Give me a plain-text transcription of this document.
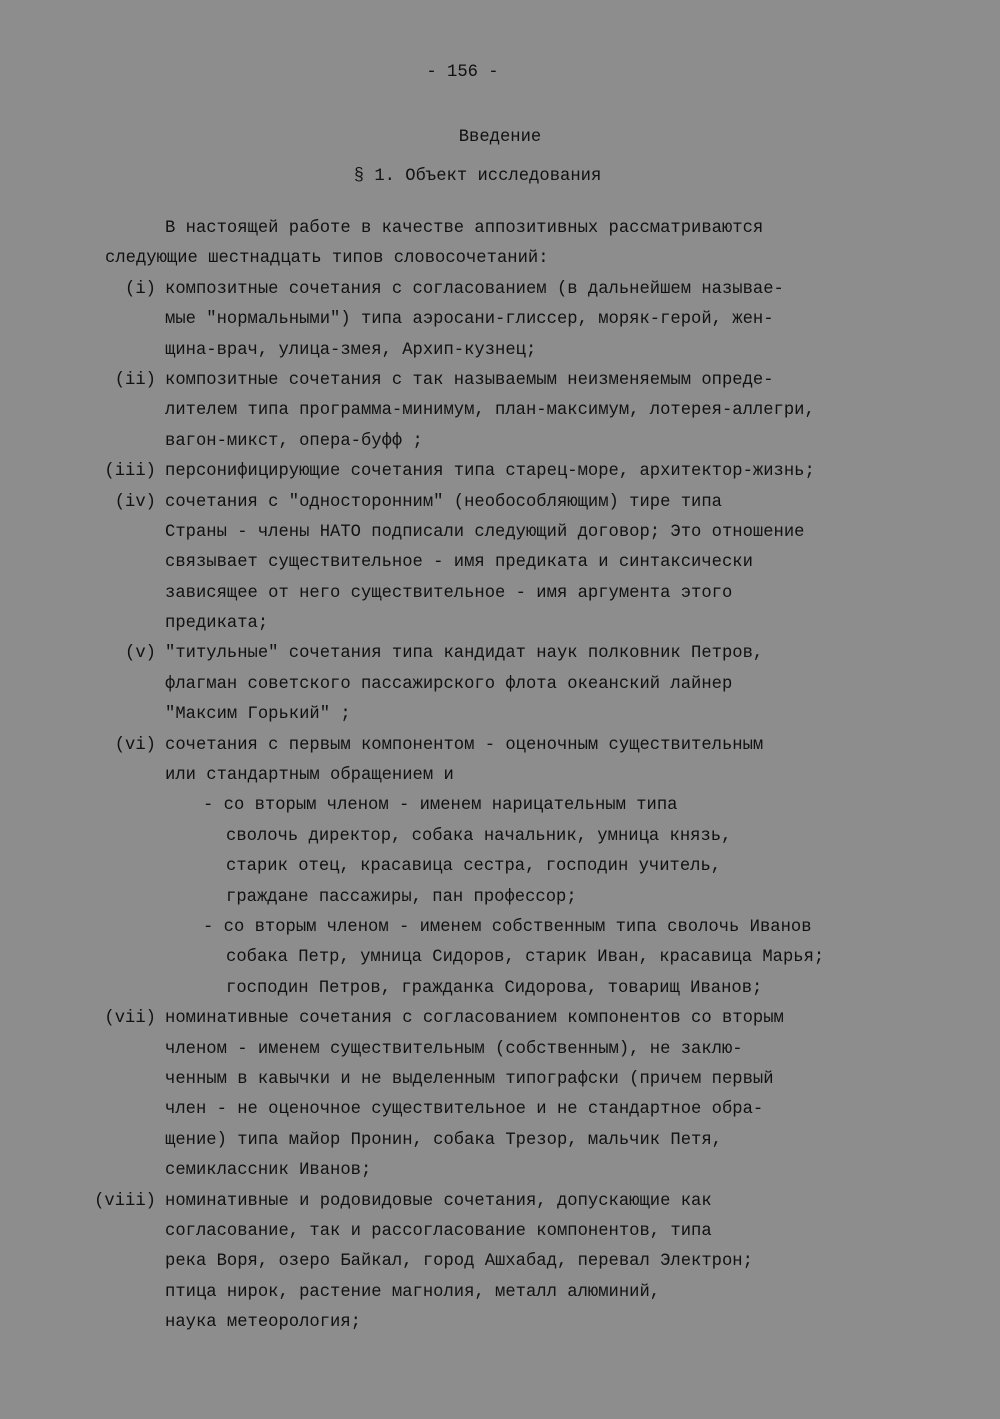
- 156 -
Введение
§ 1. Объект исследования
В настоящей работе в качестве аппозитивных рассматриваются
следующие шестнадцать типов словосочетаний:
(i) композитные сочетания с согласованием (в дальнейшем называе-
мые "нормальными") типа аэросани-глиссер, моряк-герой, жен-
щина-врач, улица-змея, Архип-кузнец;
(ii) композитные сочетания с так называемым неизменяемым опреде-
лителем типа программа-минимум, план-максимум, лотерея-аллегри,
вагон-микст, опера-буфф ;
(iii) персонифицирующие сочетания типа старец-море, архитектор-жизнь;
(iv) сочетания с "односторонним" (необособляющим) тире типа
Страны - члены НАТО подписали следующий договор; Это отношение
связывает существительное - имя предиката и синтаксически
зависящее от него существительное - имя аргумента этого
предиката;
(v) "титульные" сочетания типа кандидат наук полковник Петров,
флагман советского пассажирского флота океанский лайнер
"Максим Горький" ;
(vi) сочетания с первым компонентом - оценочным существительным
или стандартным обращением и
- со вторым членом - именем нарицательным типа
сволочь директор, собака начальник, умница князь,
старик отец, красавица сестра, господин учитель,
граждане пассажиры, пан профессор;
- со вторым членом - именем собственным типа сволочь Иванов
собака Петр, умница Сидоров, старик Иван, красавица Марья;
господин Петров, гражданка Сидорова, товарищ Иванов;
(vii) номинативные сочетания с согласованием компонентов со вторым
членом - именем существительным (собственным), не заклю-
ченным в кавычки и не выделенным типографски (причем первый
член - не оценочное существительное и не стандартное обра-
щение) типа майор Пронин, собака Трезор, мальчик Петя,
семиклассник Иванов;
(viii) номинативные и родовидовые сочетания, допускающие как
согласование, так и рассогласование компонентов, типа
река Воря, озеро Байкал, город Ашхабад, перевал Электрон;
птица нирок, растение магнолия, металл алюминий,
наука метеорология;
